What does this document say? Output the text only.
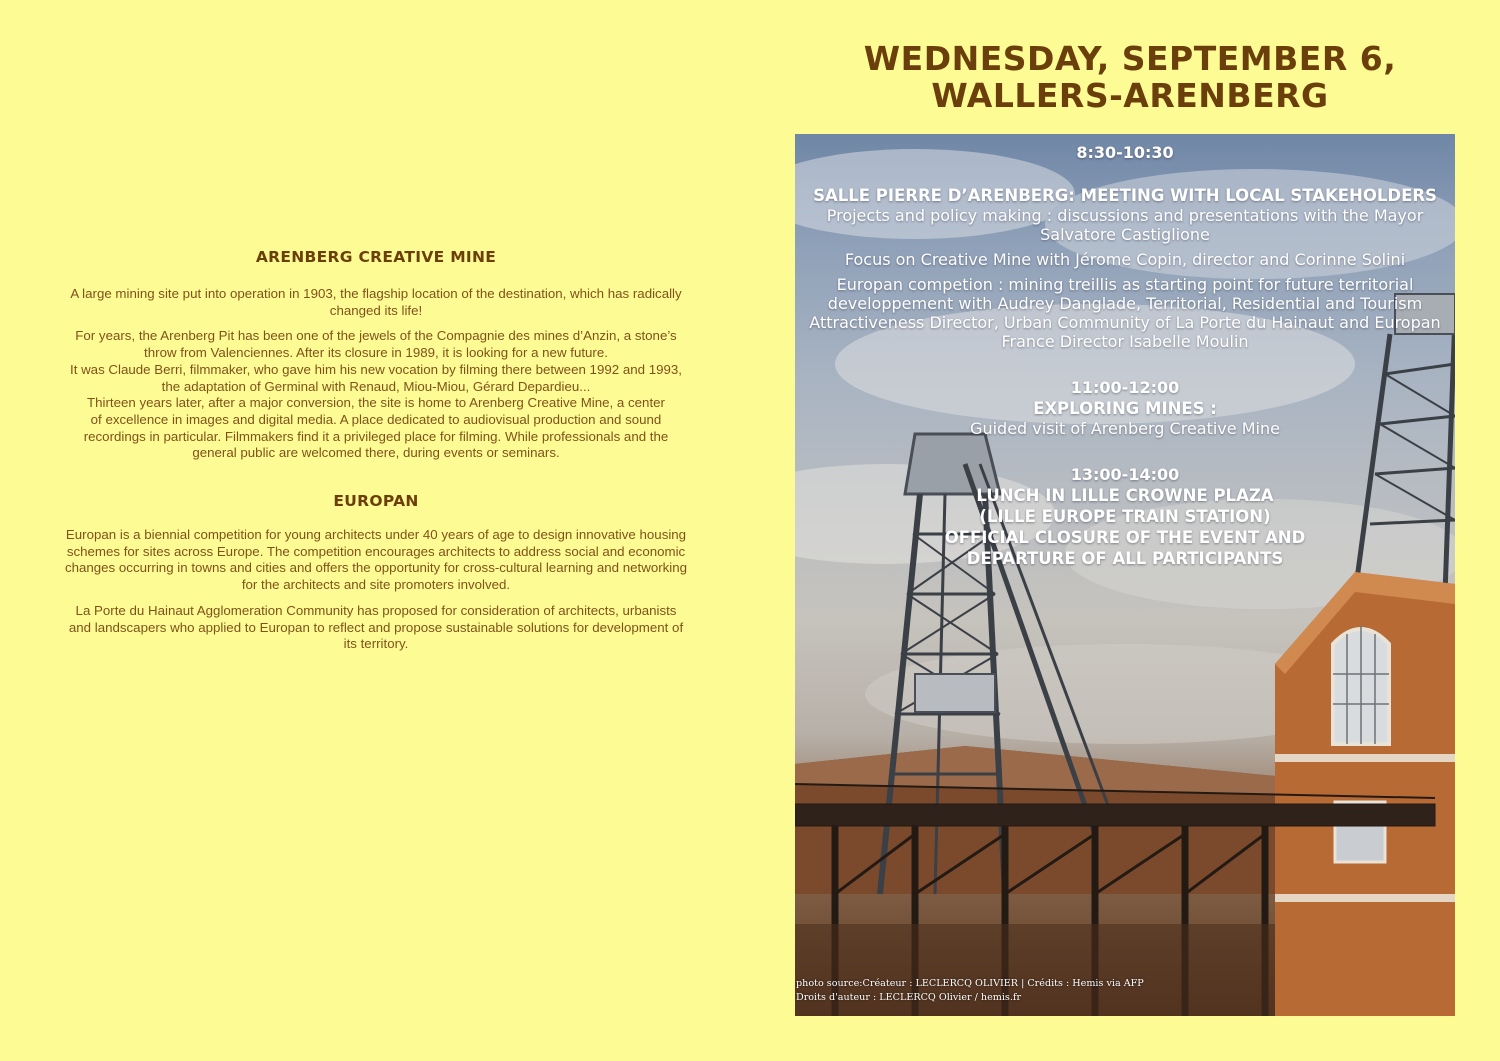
ARENBERG CREATIVE MINE
A large mining site put into operation in 1903, the flagship location of the destination, which has radically
changed its life!
For years, the Arenberg Pit has been one of the jewels of the Compagnie des mines d’Anzin, a stone’s
throw from Valenciennes. After its closure in 1989, it is looking for a new future.
It was Claude Berri, filmmaker, who gave him his new vocation by filming there between 1992 and 1993,
the adaptation of Germinal with Renaud, Miou-Miou, Gérard Depardieu...
Thirteen years later, after a major conversion, the site is home to Arenberg Creative Mine, a center
of excellence in images and digital media. A place dedicated to audiovisual production and sound
recordings in particular. Filmmakers find it a privileged place for filming. While professionals and the
general public are welcomed there, during events or seminars.
EUROPAN
Europan is a biennial competition for young architects under 40 years of age to design innovative housing
schemes for sites across Europe. The competition encourages architects to address social and economic
changes occurring in towns and cities and offers the opportunity for cross-cultural learning and networking
for the architects and site promoters involved.
La Porte du Hainaut Agglomeration Community has proposed for consideration of architects, urbanists
and landscapers who applied to Europan to reflect and propose sustainable solutions for development of
its territory.
WEDNESDAY, SEPTEMBER 6,
WALLERS-ARENBERG
8:30-10:30
SALLE PIERRE D’ARENBERG: MEETING WITH LOCAL STAKEHOLDERS
Projects and policy making : discussions and presentations with the Mayor
Salvatore Castiglione
Focus on Creative Mine with Jérome Copin, director and Corinne Solini
Europan competion : mining treillis as starting point for future territorial
developpement with Audrey Danglade, Territorial, Residential and Tourism
Attractiveness Director, Urban Community of La Porte du Hainaut and Europan
France Director Isabelle Moulin
11:00-12:00
EXPLORING MINES :
Guided visit of Arenberg Creative Mine
13:00-14:00
LUNCH IN LILLE CROWNE PLAZA
(LILLE EUROPE TRAIN STATION)
OFFICIAL CLOSURE OF THE EVENT AND
DEPARTURE OF ALL PARTICIPANTS
photo source:Créateur : LECLERCQ OLIVIER | Crédits : Hemis via AFP
Droits d'auteur : LECLERCQ Olivier / hemis.fr
